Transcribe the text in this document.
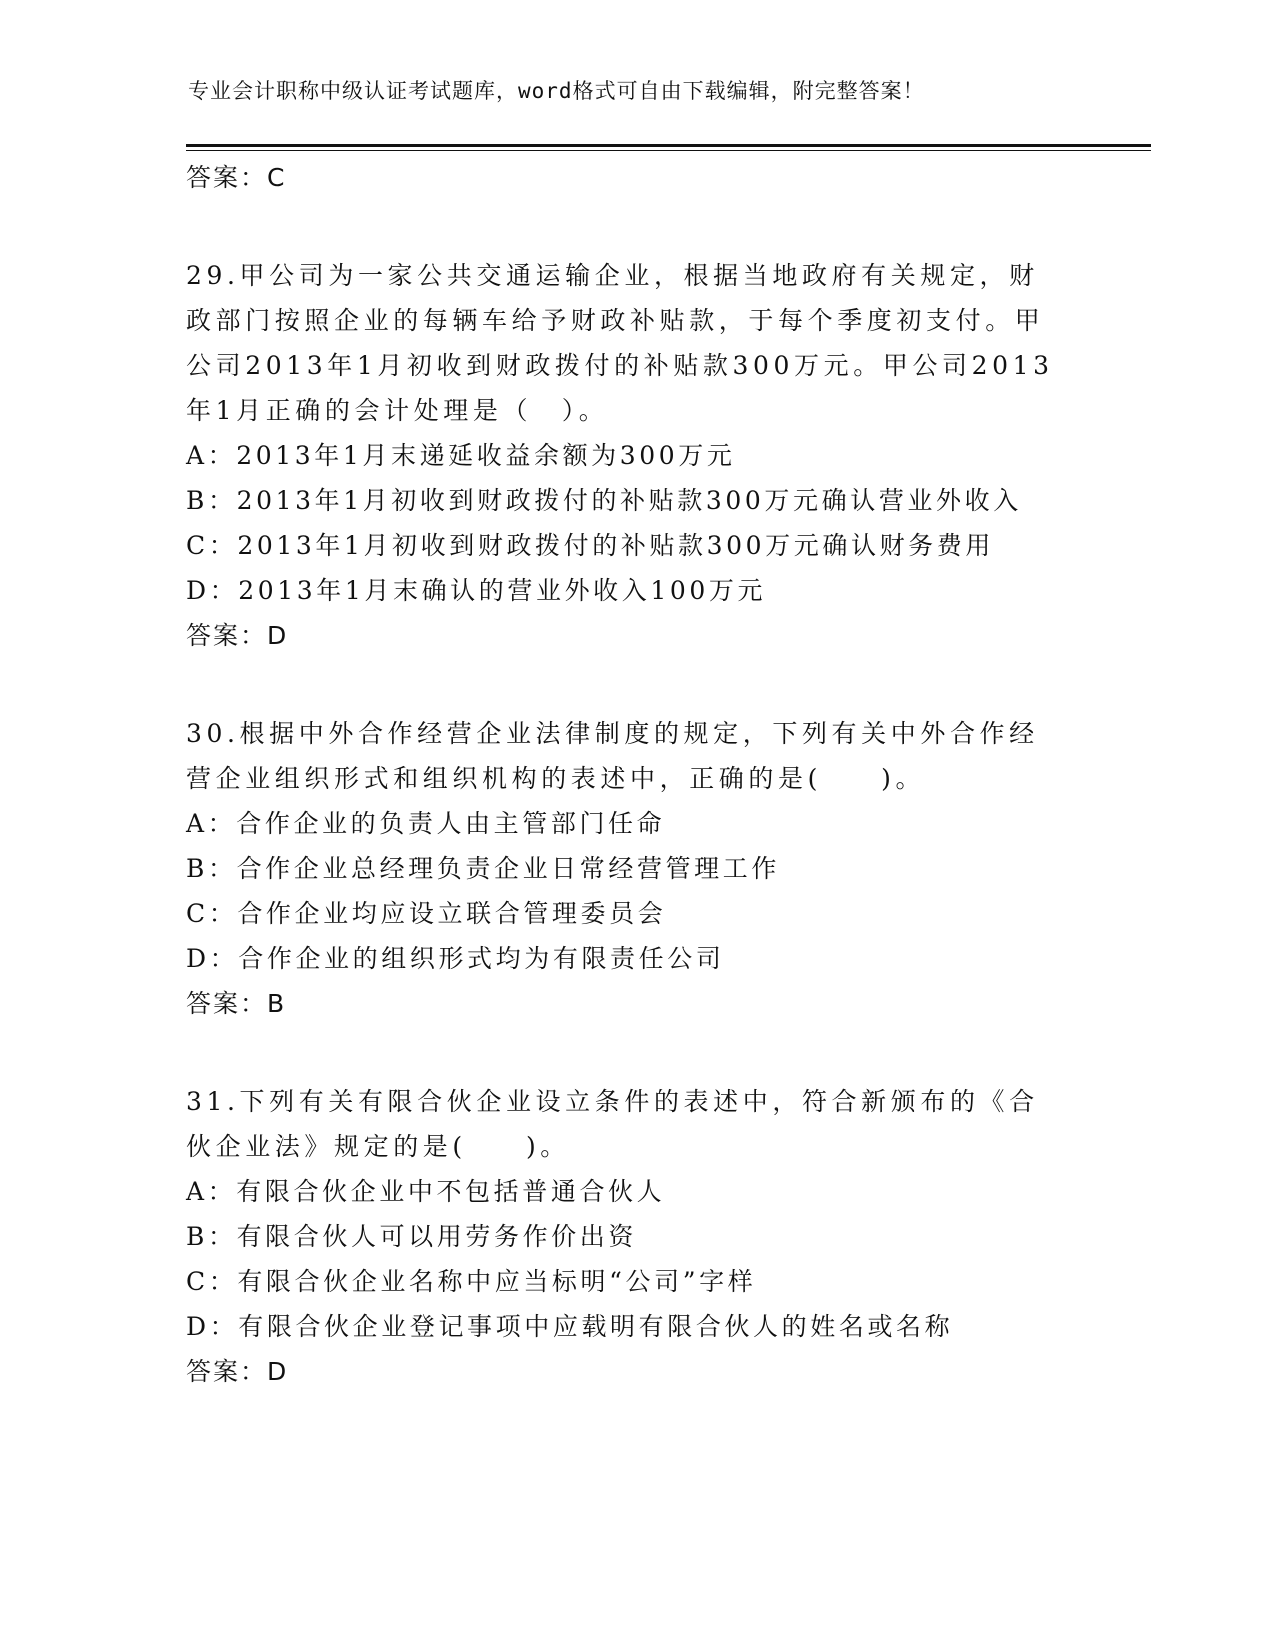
专业会计职称中级认证考试题库，word格式可自由下载编辑，附完整答案！
答案：C

29.甲公司为一家公共交通运输企业，根据当地政府有关规定，财政部门按照企业的每辆车给予财政补贴款，于每个季度初支付。甲公司2013年1月初收到财政拨付的补贴款300万元。甲公司2013年1月正确的会计处理是（　）。

A：2013年1月末递延收益余额为300万元
B：2013年1月初收到财政拨付的补贴款300万元确认营业外收入
C：2013年1月初收到财政拨付的补贴款300万元确认财务费用
D：2013年1月末确认的营业外收入100万元
答案：D

30.根据中外合作经营企业法律制度的规定，下列有关中外合作经营企业组织形式和组织机构的表述中，正确的是(　　)。

A：合作企业的负责人由主管部门任命
B：合作企业总经理负责企业日常经营管理工作
C：合作企业均应设立联合管理委员会
D：合作企业的组织形式均为有限责任公司
答案：B

31.下列有关有限合伙企业设立条件的表述中，符合新颁布的《合伙企业法》规定的是(　　)。

A：有限合伙企业中不包括普通合伙人
B：有限合伙人可以用劳务作价出资
C：有限合伙企业名称中应当标明“公司”字样
D：有限合伙企业登记事项中应载明有限合伙人的姓名或名称
答案：D
